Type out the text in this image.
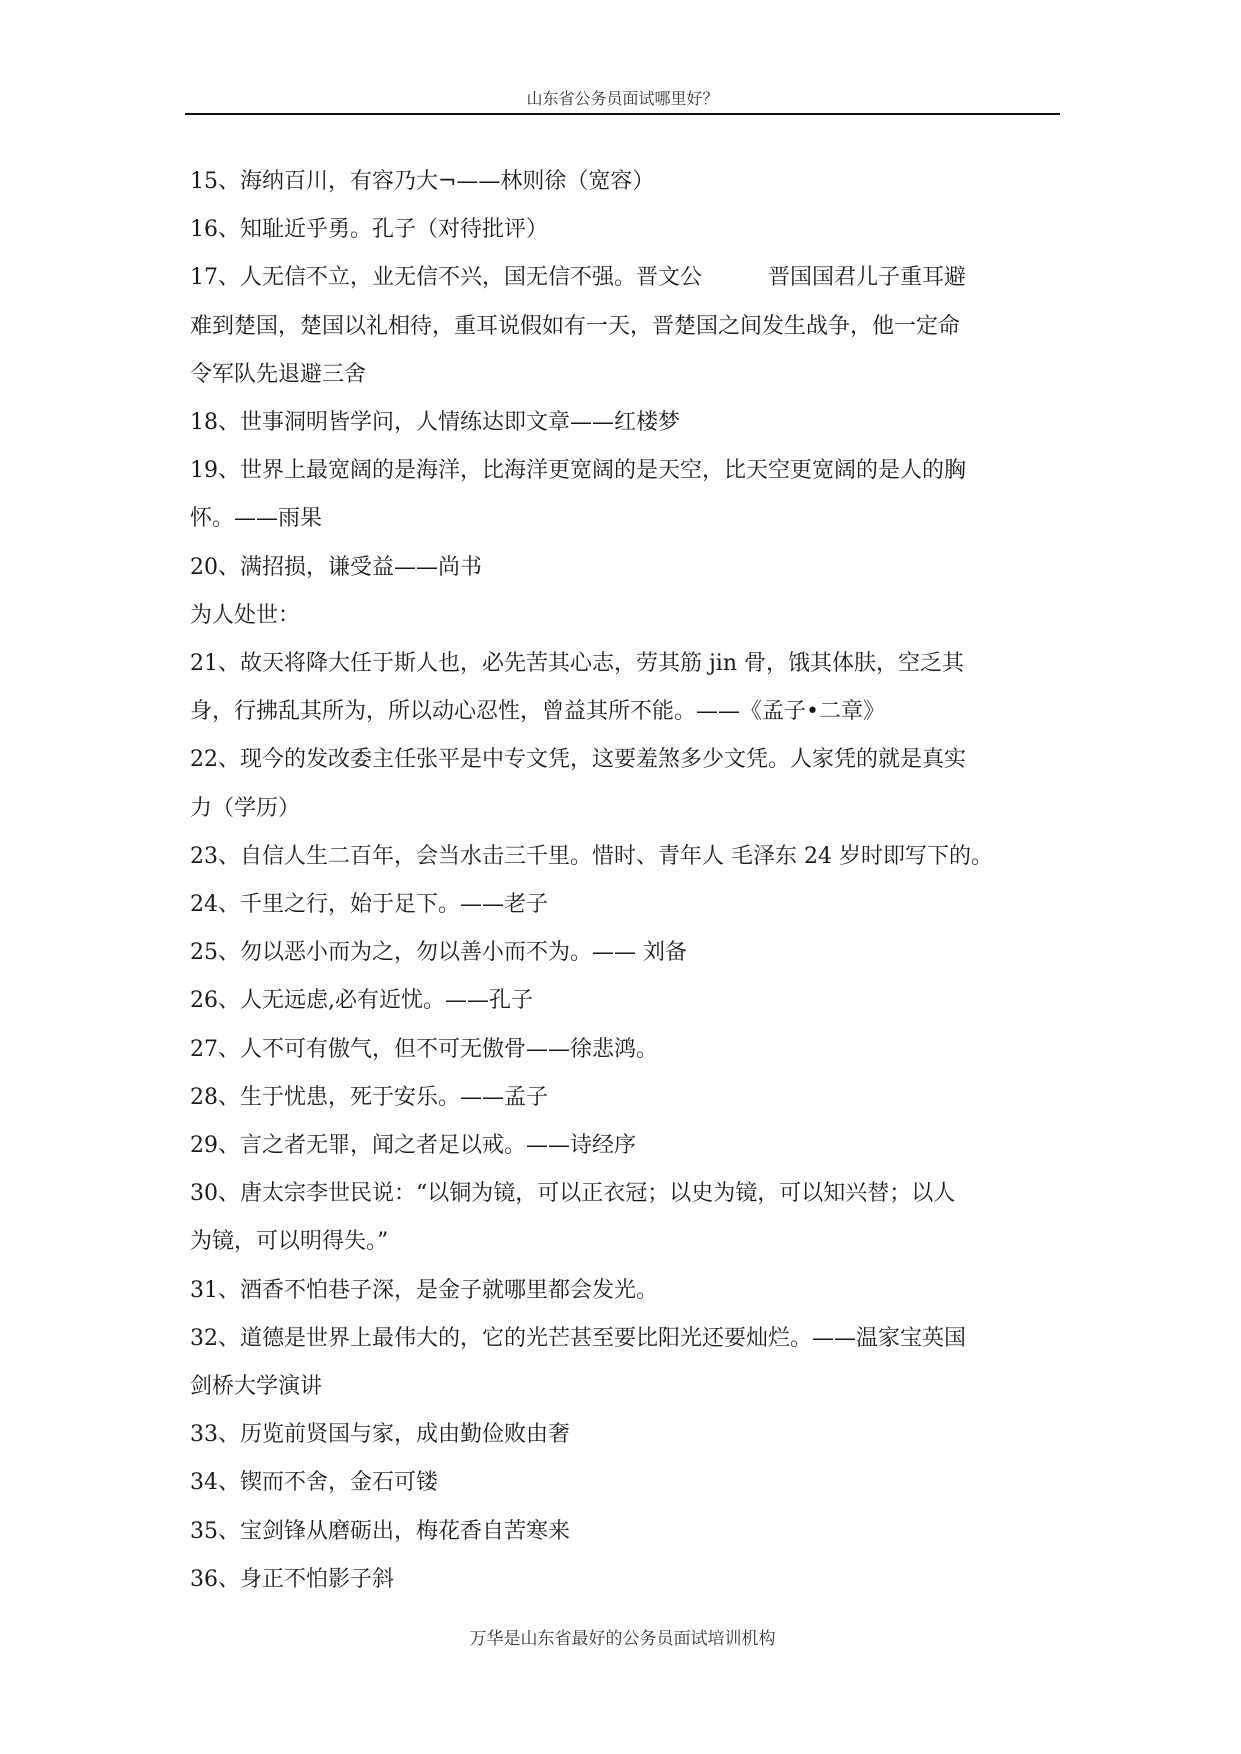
山东省公务员面试哪里好？

15、海纳百川，有容乃大¬——林则徐（宽容）

16、知耻近乎勇。孔子（对待批评）

17、人无信不立，业无信不兴，国无信不强。晋文公　　　晋国国君儿子重耳避

难到楚国，楚国以礼相待，重耳说假如有一天，晋楚国之间发生战争，他一定命

令军队先退避三舍

18、世事洞明皆学问，人情练达即文章——红楼梦

19、世界上最宽阔的是海洋，比海洋更宽阔的是天空，比天空更宽阔的是人的胸

怀。——雨果

20、满招损，谦受益——尚书

为人处世：

21、故天将降大任于斯人也，必先苦其心志，劳其筋 jin 骨，饿其体肤，空乏其

身，行拂乱其所为，所以动心忍性，曾益其所不能。——《孟子•二章》

22、现今的发改委主任张平是中专文凭，这要羞煞多少文凭。人家凭的就是真实

力（学历）

23、自信人生二百年，会当水击三千里。惜时、青年人 毛泽东 24 岁时即写下的。

24、千里之行，始于足下。——老子

25、勿以恶小而为之，勿以善小而不为。—— 刘备

26、人无远虑,必有近忧。——孔子

27、人不可有傲气，但不可无傲骨——徐悲鸿。

28、生于忧患，死于安乐。——孟子

29、言之者无罪，闻之者足以戒。——诗经序

30、唐太宗李世民说：“以铜为镜，可以正衣冠；以史为镜，可以知兴替；以人

为镜，可以明得失。”

31、酒香不怕巷子深，是金子就哪里都会发光。

32、道德是世界上最伟大的，它的光芒甚至要比阳光还要灿烂。——温家宝英国

剑桥大学演讲

33、历览前贤国与家，成由勤俭败由奢

34、锲而不舍，金石可镂

35、宝剑锋从磨砺出，梅花香自苦寒来

36、身正不怕影子斜

万华是山东省最好的公务员面试培训机构
